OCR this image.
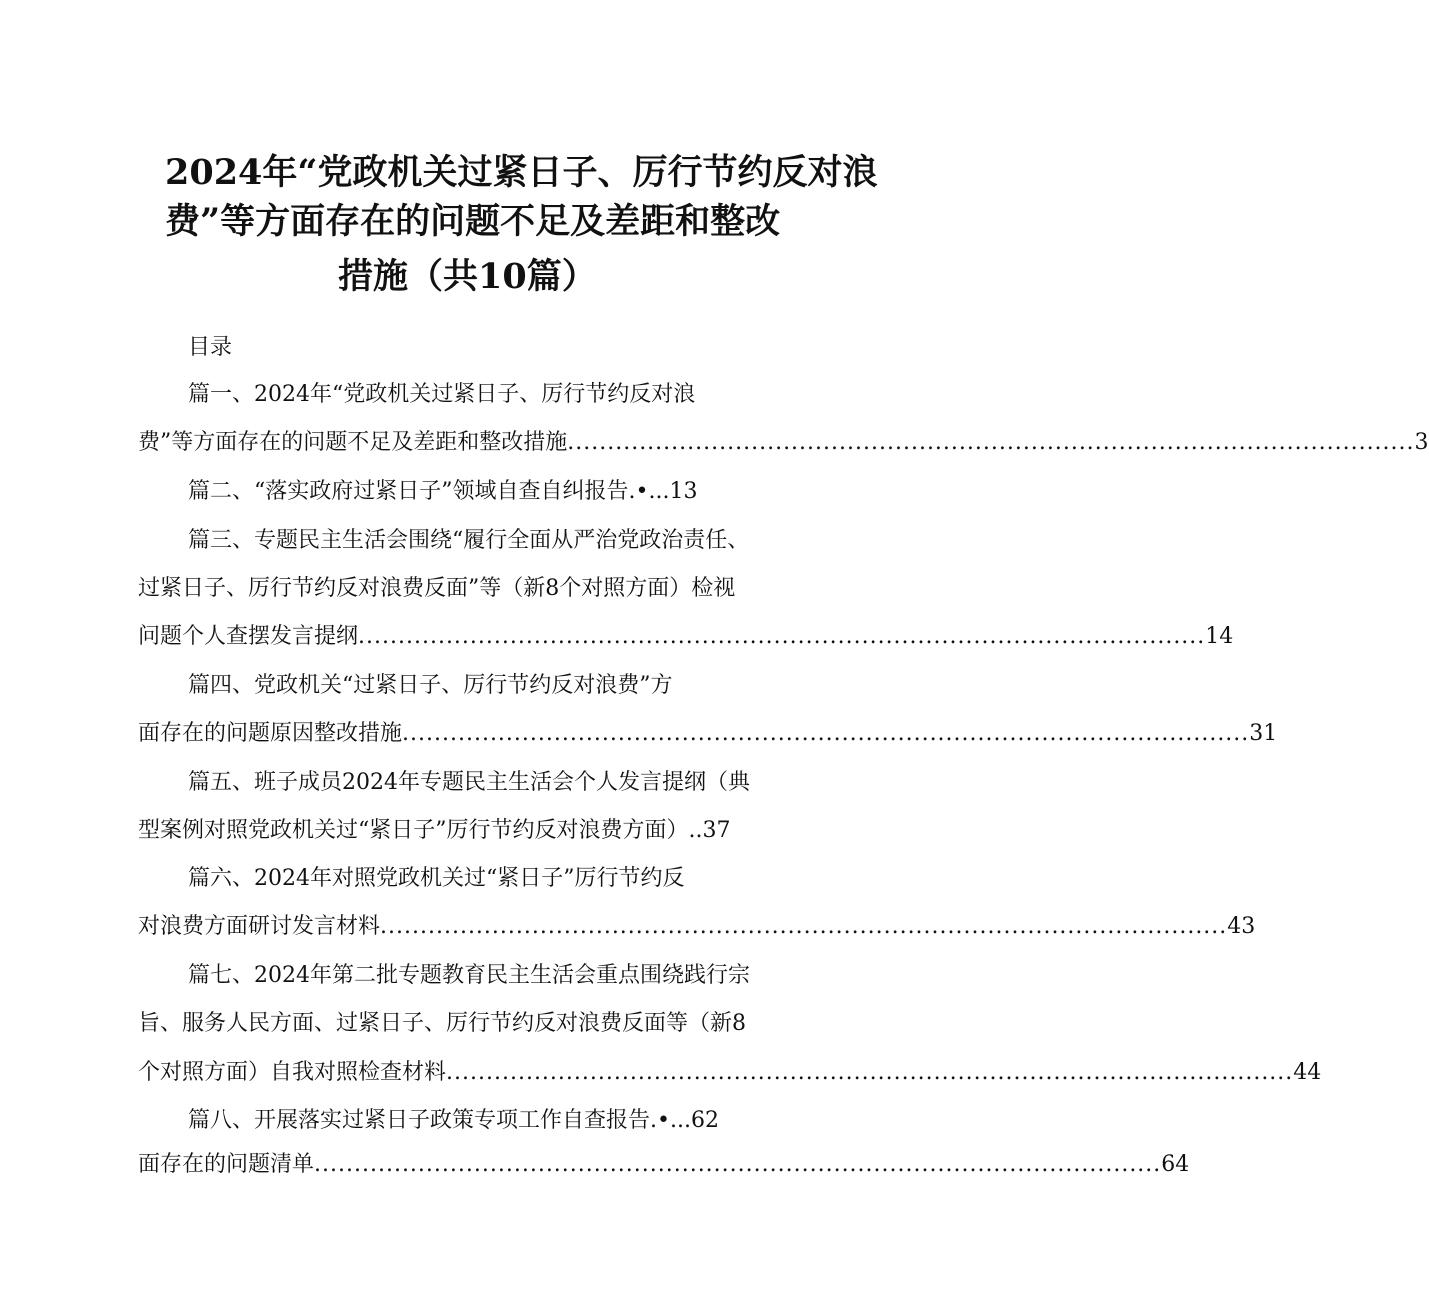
2024年“党政机关过紧日子、厉行节约反对浪
费”等方面存在的问题不足及差距和整改
措施（共10篇）
目录
篇一、2024年“党政机关过紧日子、厉行节约反对浪
费”等方面存在的问题不足及差距和整改措施 .......................................................................................................... 3
篇二、“落实政府过紧日子”领域自查自纠报告.•...13
篇三、专题民主生活会围绕“履行全面从严治党政治责任、
过紧日子、厉行节约反对浪费反面”等（新8个对照方面）检视
问题个人查摆发言提纲 .......................................................................................................... 14
篇四、党政机关“过紧日子、厉行节约反对浪费”方
面存在的问题原因整改措施 .......................................................................................................... 31
篇五、班子成员2024年专题民主生活会个人发言提纲（典
型案例对照党政机关过“紧日子”厉行节约反对浪费方面）..37
篇六、2024年对照党政机关过“紧日子”厉行节约反
对浪费方面研讨发言材料 .......................................................................................................... 43
篇七、2024年第二批专题教育民主生活会重点围绕践行宗
旨、服务人民方面、过紧日子、厉行节约反对浪费反面等（新8
个对照方面）自我对照检查材料 .......................................................................................................... 44
篇八、开展落实过紧日子政策专项工作自查报告.•...62
面存在的问题清单 .......................................................................................................... 64
